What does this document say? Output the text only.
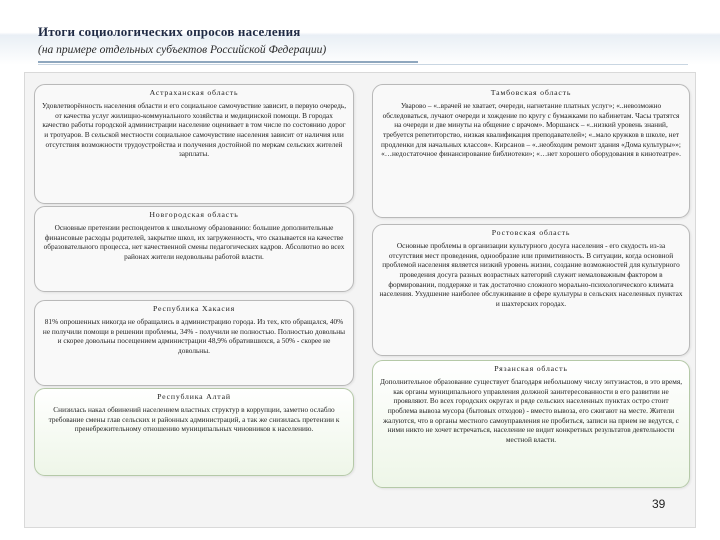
Итоги социологических опросов населения
(на примере отдельных субъектов Российской Федерации)
Астраханская область
Удовлетворённость населения области и его социальное самочувствие зависит, в первую очередь, от качества услуг жилищно-коммунального хозяйства и медицинской помощи. В городах качество работы городской администрации население оценивает в том числе по состоянию дорог и тротуаров. В сельской местности социальное самочувствие населения зависит от наличия или отсутствия возможности трудоустройства и получения достойной по меркам сельских жителей зарплаты.
Новгородская область
Основные претензии респондентов к школьному образованию: большие дополнительные финансовые расходы родителей, закрытие школ, их загруженность, что сказывается на качестве образовательного процесса, нет качественной смены педагогических кадров. Абсолютно во всех районах жители недовольны работой власти.
Республика Хакасия
81% опрошенных никогда не обращались в администрацию города. Из тех, кто обращался, 40% не получили помощи в решении проблемы, 34% - получили не полностью. Полностью довольны и скорее довольны посещением администрации 48,9% обратившихся, а 50% - скорее не довольны.
Республика Алтай
Снизилась накал обвинений населением властных структур в коррупции, заметно ослабло требование смены глав сельских и районных администраций, а так же снизилась претензии к пренебрежительному отношению муниципальных чиновников к населению.
Тамбовская область
Уварово – «..врачей не хватает, очереди, нагнетание платных услуг»; «..невозможно обследоваться, лучают очереди и хождение по кругу с бумажками по кабинетам. Часы тратятся на очереди и две минуты на общение с врачом». Моршанск – «..низкий уровень знаний, требуется репетиторство, низкая квалификация преподавателей»; «..мало кружков в школе, нет продленки для начальных классов». Кирсанов – «..необходим ремонт здания «Дома культуры»»; «…недостаточное финансирование библиотеки»; «…нет хорошего оборудования в кинотеатре».
Ростовская область
Основные проблемы в организации культурного досуга населения - его скудость из-за отсутствия мест проведения, однообразие или примитивность. В ситуации, когда основной проблемой населения является низкий уровень жизни, создание возможностей для культурного проведения досуга разных возрастных категорий служит немаловажным фактором в формировании, поддержке и так достаточно сложного морально-психологического климата населения. Ухудшение наиболее обслуживание в сфере культуры в сельских населенных пунктах и шахтерских городах.
Рязанская область
Дополнительное образование существует благодаря небольшому числу энтузиастов, в это время, как органы муниципального управления должной заинтересованности в его развитии не проявляют. Во всех городских округах и ряде сельских населенных пунктах остро стоит проблема вывоза мусора (бытовых отходов) - вместо вывоза, его сжигают на месте. Жители жалуются, что в органы местного самоуправления не пробиться, записи на прием не ведутся, с ними никто не хочет встречаться, население не видит конкретных результатов деятельности местной власти.
39
